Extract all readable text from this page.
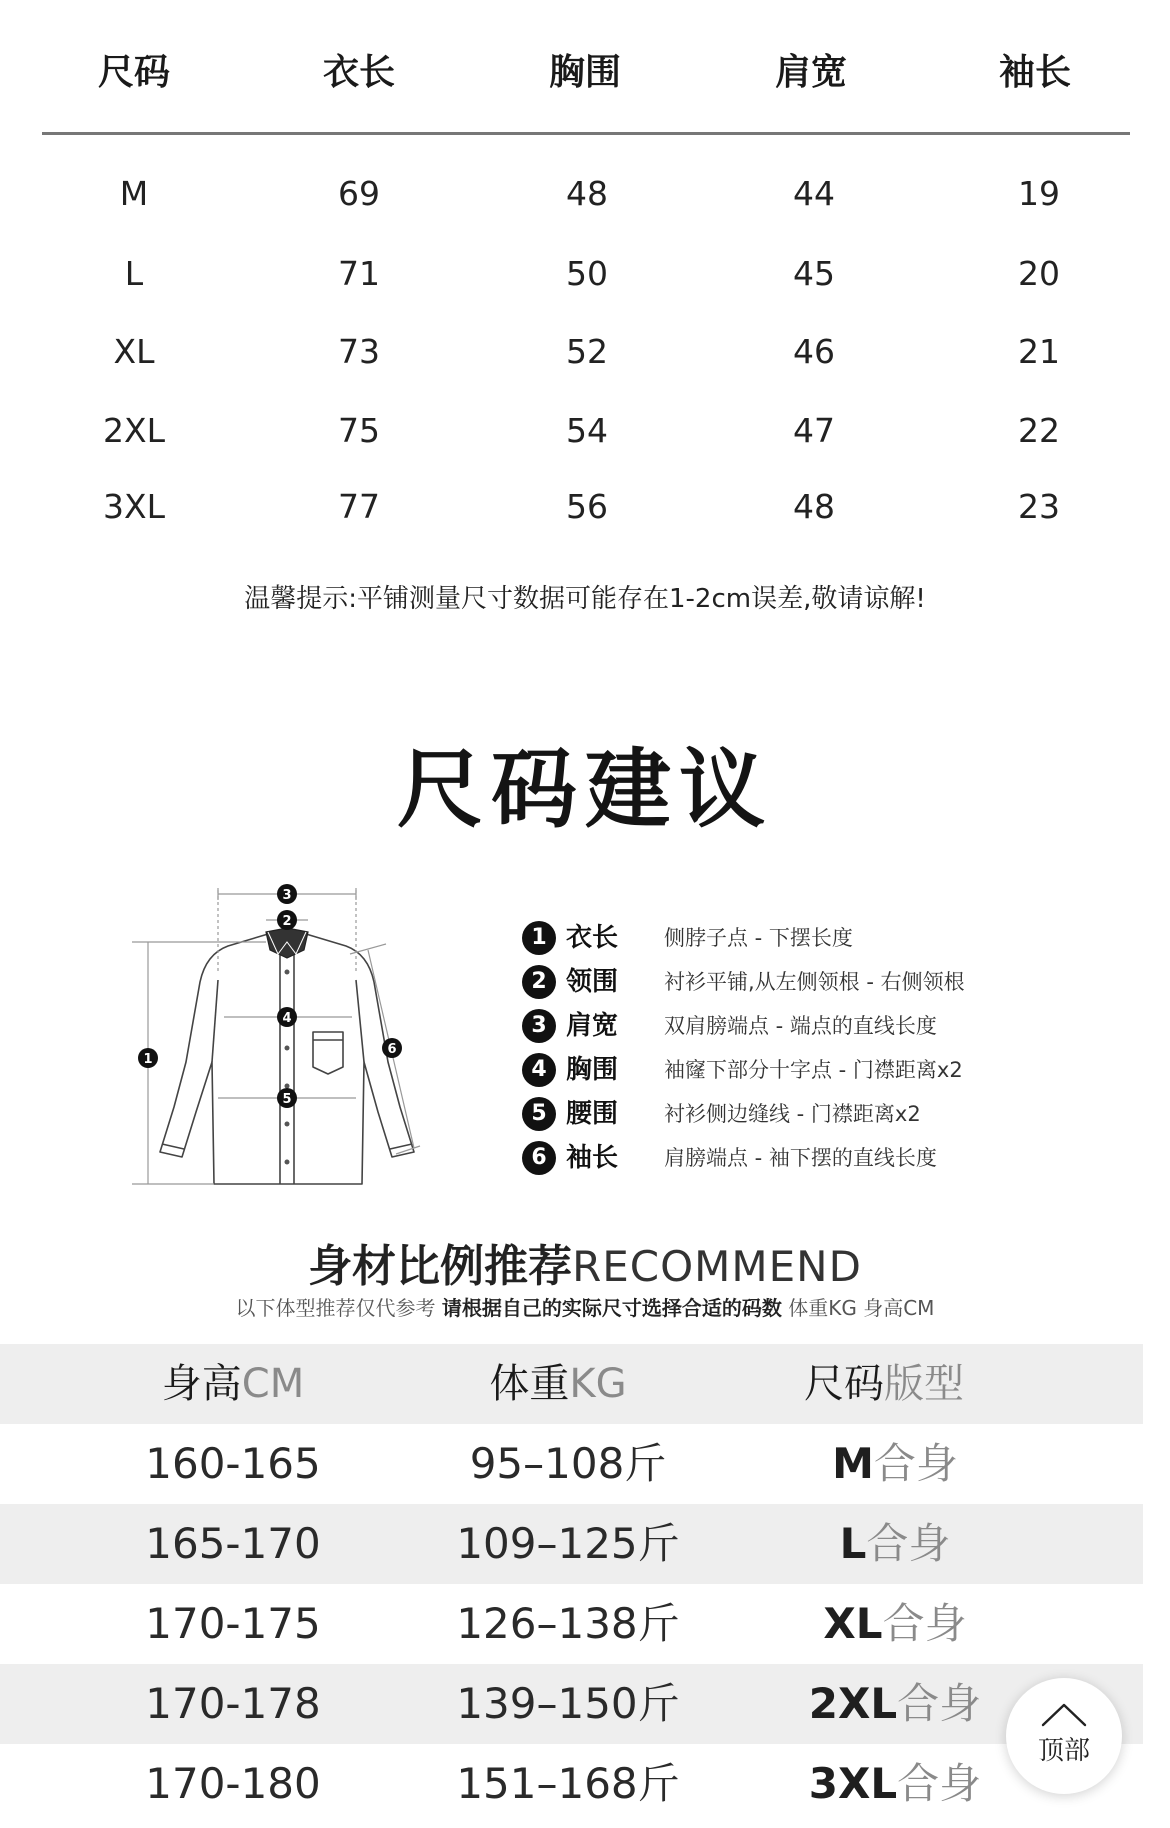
尺码	衣长	胸围	肩宽	袖长
M	69	48	44	19
L	71	50	45	20
XL	73	52	46	21
2XL	75	54	47	22
3XL	77	56	48	23
温馨提示:平铺测量尺寸数据可能存在1-2cm误差,敬请谅解!
尺码建议
3
2
1
4
5
6
1 衣长 侧脖子点 - 下摆长度
2 领围 衬衫平铺,从左侧领根 - 右侧领根
3 肩宽 双肩膀端点 - 端点的直线长度
4 胸围 袖窿下部分十字点 - 门襟距离x2
5 腰围 衬衫侧边缝线 - 门襟距离x2
6 袖长 肩膀端点 - 袖下摆的直线长度
身材比例推荐RECOMMEND
以下体型推荐仅代参考 请根据自己的实际尺寸选择合适的码数 体重KG 身高CM
身高CM	体重KG	尺码版型
160-165	95–108斤	M合身
165-170	109–125斤	L合身
170-175	126–138斤	XL合身
170-178	139–150斤	2XL合身
170-180	151–168斤	3XL合身
顶部
